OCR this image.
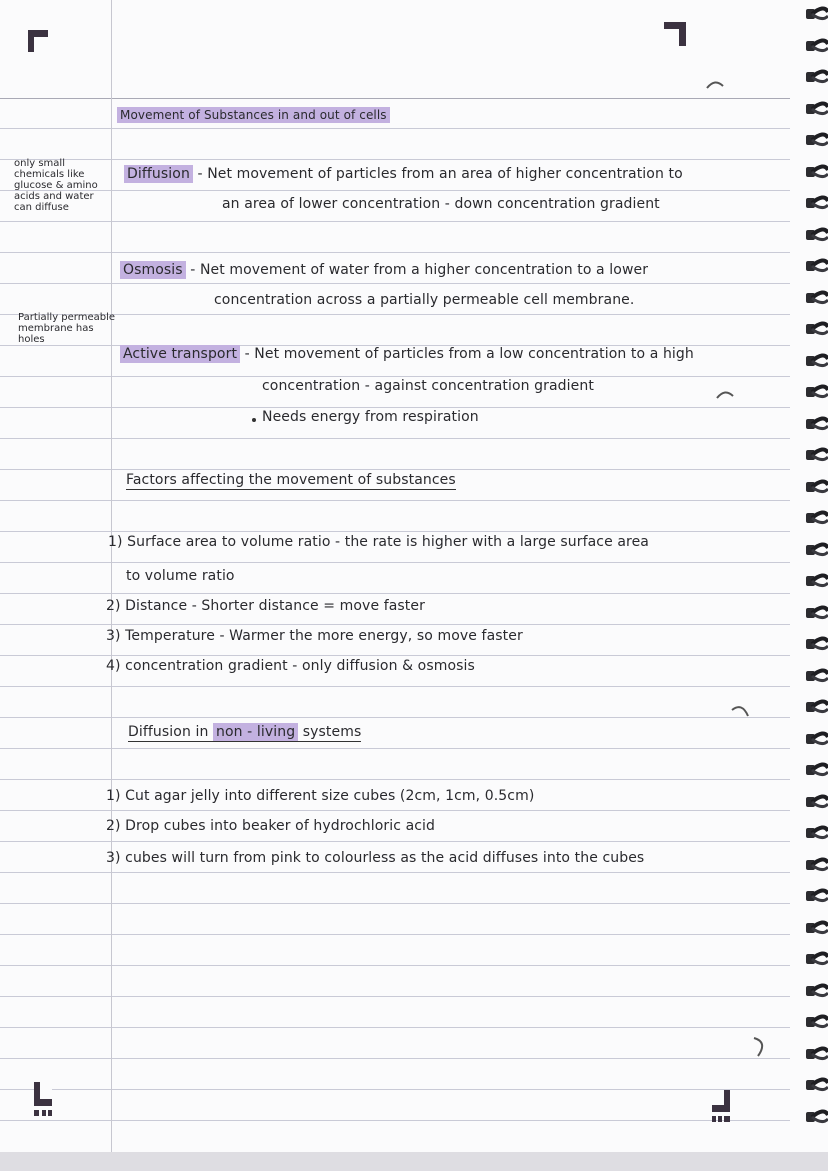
Movement of Substances in and out of cells
only small
chemicals like
glucose & amino
acids and water
can diffuse
Partially permeable
membrane has
holes
Diffusion - Net movement of particles from an area of higher concentration to
an area of lower concentration - down concentration gradient
Osmosis - Net movement of water from a higher concentration to a lower
concentration across a partially permeable cell membrane.
Active transport - Net movement of particles from a low concentration to a high
concentration - against concentration gradient
Needs energy from respiration
Factors affecting the movement of substances
1) Surface area to volume ratio - the rate is higher with a large surface area
to volume ratio
2) Distance - Shorter distance = move faster
3) Temperature - Warmer the more energy, so move faster
4) concentration gradient - only diffusion & osmosis
Diffusion in non - living systems
1) Cut agar jelly into different size cubes (2cm, 1cm, 0.5cm)
2) Drop cubes into beaker of hydrochloric acid
3) cubes will turn from pink to colourless as the acid diffuses into the cubes
